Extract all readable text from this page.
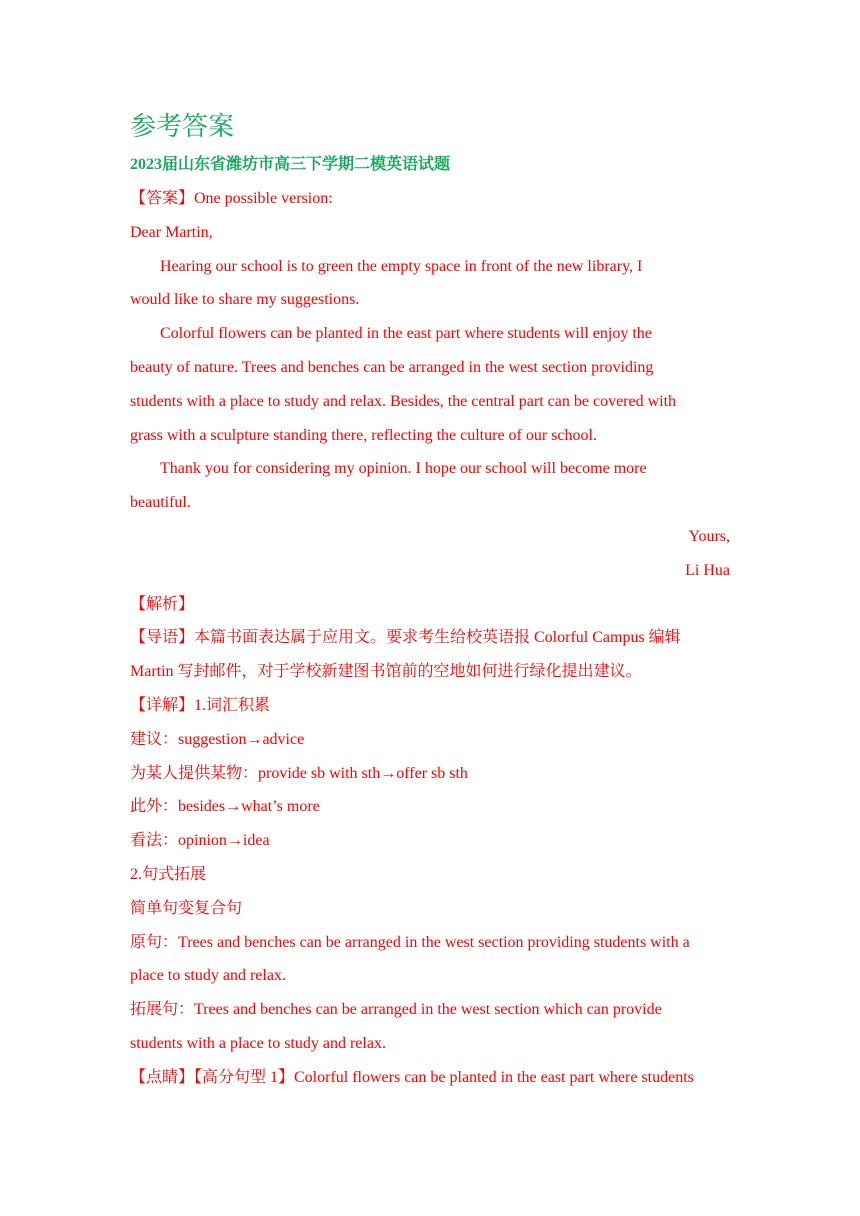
参考答案
2023届山东省潍坊市高三下学期二模英语试题
【答案】One possible version:
Dear Martin,
Hearing our school is to green the empty space in front of the new library, I
would like to share my suggestions.
Colorful flowers can be planted in the east part where students will enjoy the
beauty of nature. Trees and benches can be arranged in the west section providing
students with a place to study and relax. Besides, the central part can be covered with
grass with a sculpture standing there, reflecting the culture of our school.
Thank you for considering my opinion. I hope our school will become more
beautiful.
Yours,
Li Hua
【解析】
【导语】本篇书面表达属于应用文。要求考生给校英语报 Colorful Campus 编辑
Martin 写封邮件，对于学校新建图书馆前的空地如何进行绿化提出建议。
【详解】1.词汇积累
建议：suggestion→advice
为某人提供某物：provide sb with sth→offer sb sth
此外：besides→what’s more
看法：opinion→idea
2.句式拓展
简单句变复合句
原句：Trees and benches can be arranged in the west section providing students with a
place to study and relax.
拓展句：Trees and benches can be arranged in the west section which can provide
students with a place to study and relax.
【点睛】【高分句型 1】Colorful flowers can be planted in the east part where students
